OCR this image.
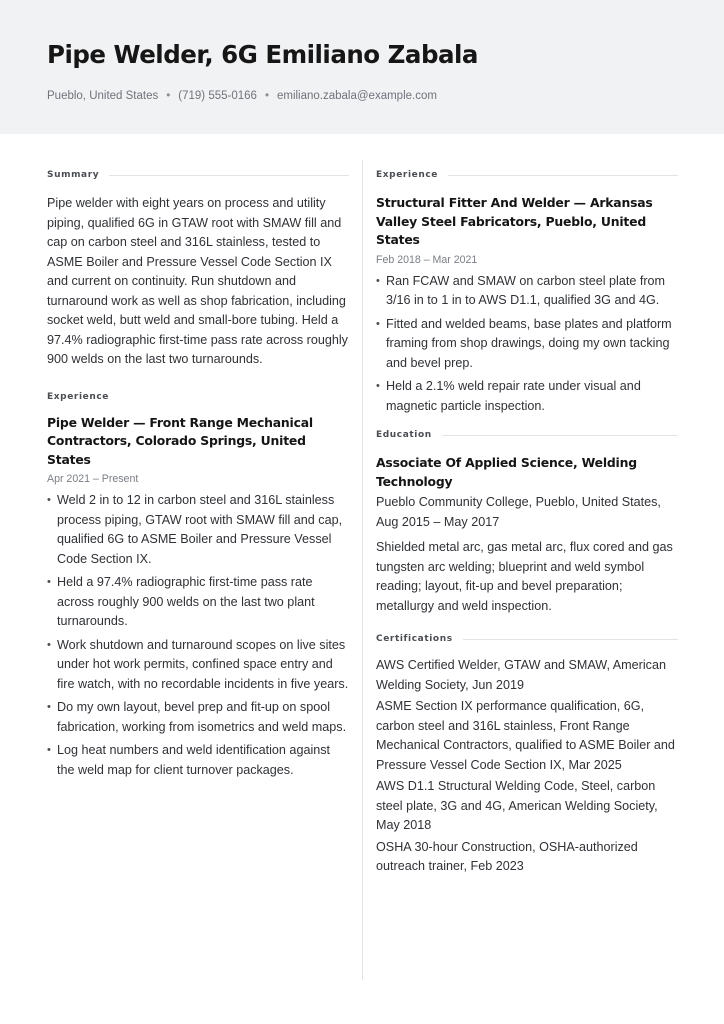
Pipe Welder, 6G Emiliano Zabala
Pueblo, United States • (719) 555-0166 • emiliano.zabala@example.com
Summary

Pipe welder with eight years on process and utility piping, qualified 6G in GTAW root with SMAW fill and cap on carbon steel and 316L stainless, tested to ASME Boiler and Pressure Vessel Code Section IX and current on continuity. Run shutdown and turnaround work as well as shop fabrication, including socket weld, butt weld and small-bore tubing. Held a 97.4% radiographic first-time pass rate across roughly 900 welds on the last two turnarounds.

Experience
Pipe Welder — Front Range Mechanical Contractors, Colorado Springs, United States
Apr 2021 – Present
• Weld 2 in to 12 in carbon steel and 316L stainless process piping, GTAW root with SMAW fill and cap, qualified 6G to ASME Boiler and Pressure Vessel Code Section IX.
• Held a 97.4% radiographic first-time pass rate across roughly 900 welds on the last two plant turnarounds.
• Work shutdown and turnaround scopes on live sites under hot work permits, confined space entry and fire watch, with no recordable incidents in five years.
• Do my own layout, bevel prep and fit-up on spool fabrication, working from isometrics and weld maps.
• Log heat numbers and weld identification against the weld map for client turnover packages.
Experience
Structural Fitter And Welder — Arkansas Valley Steel Fabricators, Pueblo, United States
Feb 2018 – Mar 2021
• Ran FCAW and SMAW on carbon steel plate from 3/16 in to 1 in to AWS D1.1, qualified 3G and 4G.
• Fitted and welded beams, base plates and platform framing from shop drawings, doing my own tacking and bevel prep.
• Held a 2.1% weld repair rate under visual and magnetic particle inspection.
Education
Associate Of Applied Science, Welding Technology
Pueblo Community College, Pueblo, United States, Aug 2015 – May 2017
Shielded metal arc, gas metal arc, flux cored and gas tungsten arc welding; blueprint and weld symbol reading; layout, fit-up and bevel preparation; metallurgy and weld inspection.
Certifications
AWS Certified Welder, GTAW and SMAW, American Welding Society, Jun 2019
ASME Section IX performance qualification, 6G, carbon steel and 316L stainless, Front Range Mechanical Contractors, qualified to ASME Boiler and Pressure Vessel Code Section IX, Mar 2025
AWS D1.1 Structural Welding Code, Steel, carbon steel plate, 3G and 4G, American Welding Society, May 2018
OSHA 30-hour Construction, OSHA-authorized outreach trainer, Feb 2023
